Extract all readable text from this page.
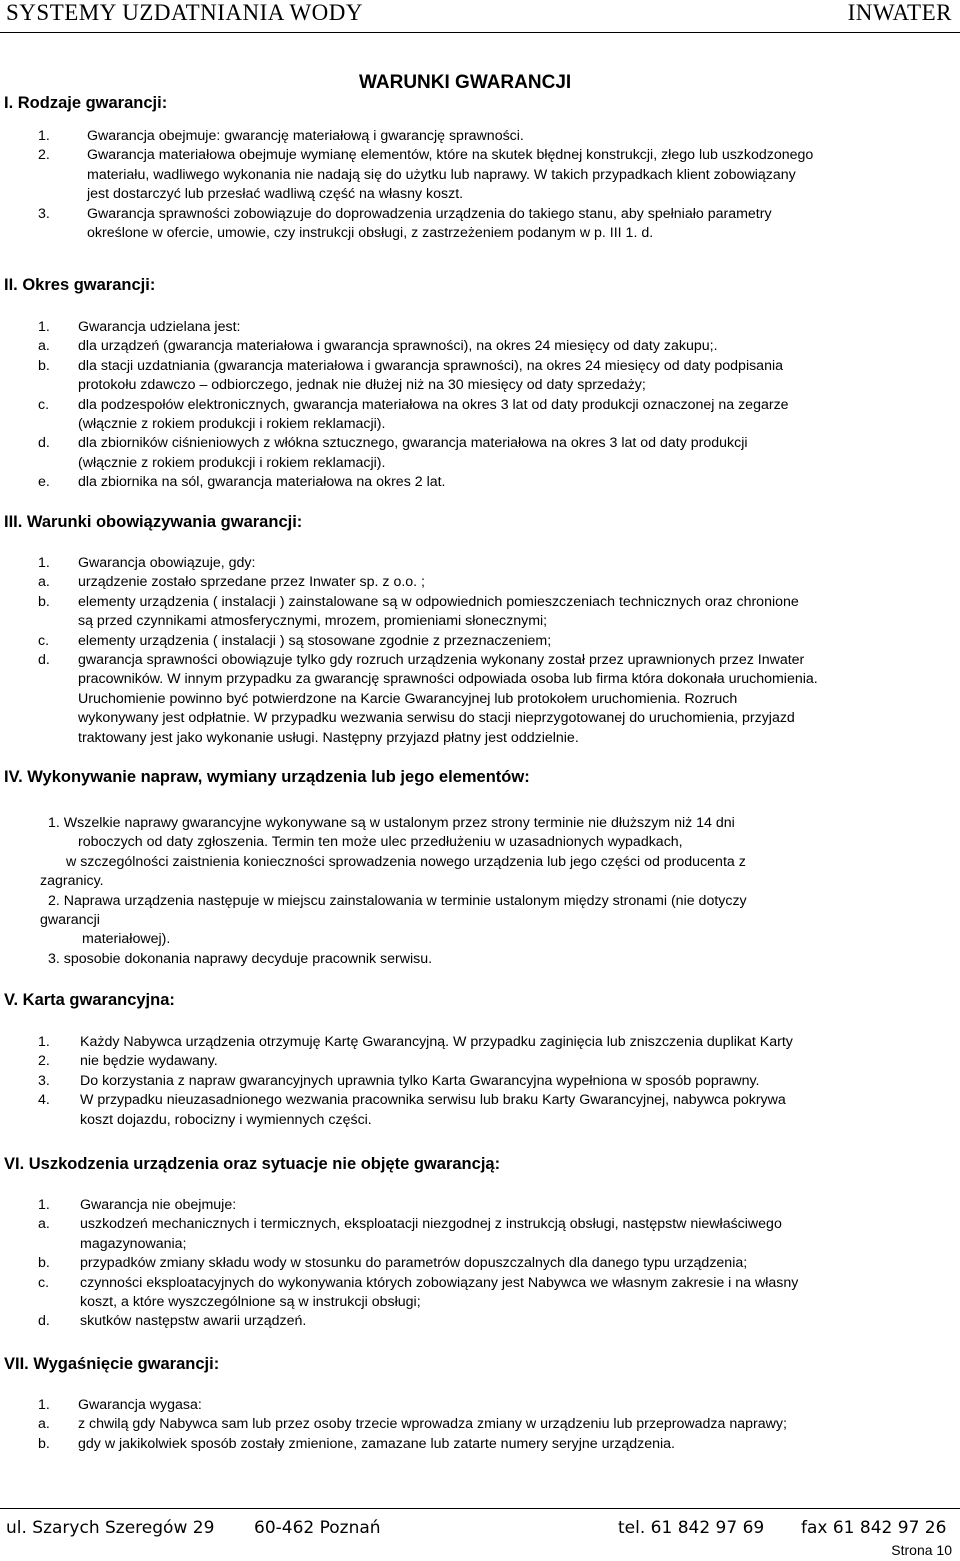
SYSTEMY UZDATNIANIA WODY	INWATER
WARUNKI GWARANCJI
I. Rodzaje gwarancji:
1.	Gwarancja obejmuje: gwarancję materiałową i gwarancję sprawności.
2.	Gwarancja materiałowa obejmuje wymianę elementów, które na skutek błędnej konstrukcji, złego lub uszkodzonego
materiału, wadliwego wykonania nie nadają się do użytku lub naprawy. W takich przypadkach klient zobowiązany
jest dostarczyć lub przesłać wadliwą część na własny koszt.
3.	Gwarancja sprawności zobowiązuje do doprowadzenia urządzenia do takiego stanu, aby spełniało parametry
określone w ofercie, umowie, czy instrukcji obsługi, z zastrzeżeniem podanym w p. III 1. d.
II. Okres gwarancji:
1. Gwarancja udzielana jest:
a. dla urządzeń (gwarancja materiałowa i gwarancja sprawności), na okres 24 miesięcy od daty zakupu;.
b. dla stacji uzdatniania (gwarancja materiałowa i gwarancja sprawności), na okres 24 miesięcy od daty podpisania
protokołu zdawczo – odbiorczego, jednak nie dłużej niż na 30 miesięcy od daty sprzedaży;
c. dla podzespołów elektronicznych, gwarancja materiałowa na okres 3 lat od daty produkcji oznaczonej na zegarze
(włącznie z rokiem produkcji i rokiem reklamacji).
d. dla zbiorników ciśnieniowych z włókna sztucznego, gwarancja materiałowa na okres 3 lat od daty produkcji
(włącznie z rokiem produkcji i rokiem reklamacji).
e. dla zbiornika na sól, gwarancja materiałowa na okres 2 lat.
III. Warunki obowiązywania gwarancji:
1. Gwarancja obowiązuje, gdy:
a. urządzenie zostało sprzedane przez Inwater sp. z o.o. ;
b. elementy urządzenia ( instalacji ) zainstalowane są w odpowiednich pomieszczeniach technicznych oraz chronione
są przed czynnikami atmosferycznymi, mrozem, promieniami słonecznymi;
c. elementy urządzenia ( instalacji ) są stosowane zgodnie z przeznaczeniem;
d. gwarancja sprawności obowiązuje tylko gdy rozruch urządzenia wykonany został przez uprawnionych przez Inwater
pracowników. W innym przypadku za gwarancję sprawności odpowiada osoba lub firma która dokonała uruchomienia.
Uruchomienie powinno być potwierdzone na Karcie Gwarancyjnej lub protokołem uruchomienia. Rozruch
wykonywany jest odpłatnie. W przypadku wezwania serwisu do stacji nieprzygotowanej do uruchomienia, przyjazd
traktowany jest jako wykonanie usługi. Następny przyjazd płatny jest oddzielnie.
IV. Wykonywanie napraw, wymiany urządzenia lub jego elementów:
1. Wszelkie naprawy gwarancyjne wykonywane są w ustalonym przez strony terminie nie dłuższym niż 14 dni
roboczych od daty zgłoszenia. Termin ten może ulec przedłużeniu w uzasadnionych wypadkach,
w szczególności zaistnienia konieczności sprowadzenia nowego urządzenia lub jego części od producenta z
zagranicy.
2. Naprawa urządzenia następuje w miejscu zainstalowania w terminie ustalonym między stronami (nie dotyczy
gwarancji
materiałowej).
3. sposobie dokonania naprawy decyduje pracownik serwisu.
V. Karta gwarancyjna:
1. Każdy Nabywca urządzenia otrzymuję Kartę Gwarancyjną. W przypadku zaginięcia lub zniszczenia duplikat Karty
2. nie będzie wydawany.
3. Do korzystania z napraw gwarancyjnych uprawnia tylko Karta Gwarancyjna wypełniona w sposób poprawny.
4. W przypadku nieuzasadnionego wezwania pracownika serwisu lub braku Karty Gwarancyjnej, nabywca pokrywa
koszt dojazdu, robocizny i wymiennych części.
VI. Uszkodzenia urządzenia oraz sytuacje nie objęte gwarancją:
1. Gwarancja nie obejmuje:
a. uszkodzeń mechanicznych i termicznych, eksploatacji niezgodnej z instrukcją obsługi, następstw niewłaściwego
magazynowania;
b. przypadków zmiany składu wody w stosunku do parametrów dopuszczalnych dla danego typu urządzenia;
c. czynności eksploatacyjnych do wykonywania których zobowiązany jest Nabywca we własnym zakresie i na własny
koszt, a które wyszczególnione są w instrukcji obsługi;
d. skutków następstw awarii urządzeń.
VII. Wygaśnięcie gwarancji:
1. Gwarancja wygasa:
a. z chwilą gdy Nabywca sam lub przez osoby trzecie wprowadza zmiany w urządzeniu lub przeprowadza naprawy;
b. gdy w jakikolwiek sposób zostały zmienione, zamazane lub zatarte numery seryjne urządzenia.
ul. Szarych Szeregów 29 60-462 Poznań	tel. 61 842 97 69 fax 61 842 97 26
Strona 10
